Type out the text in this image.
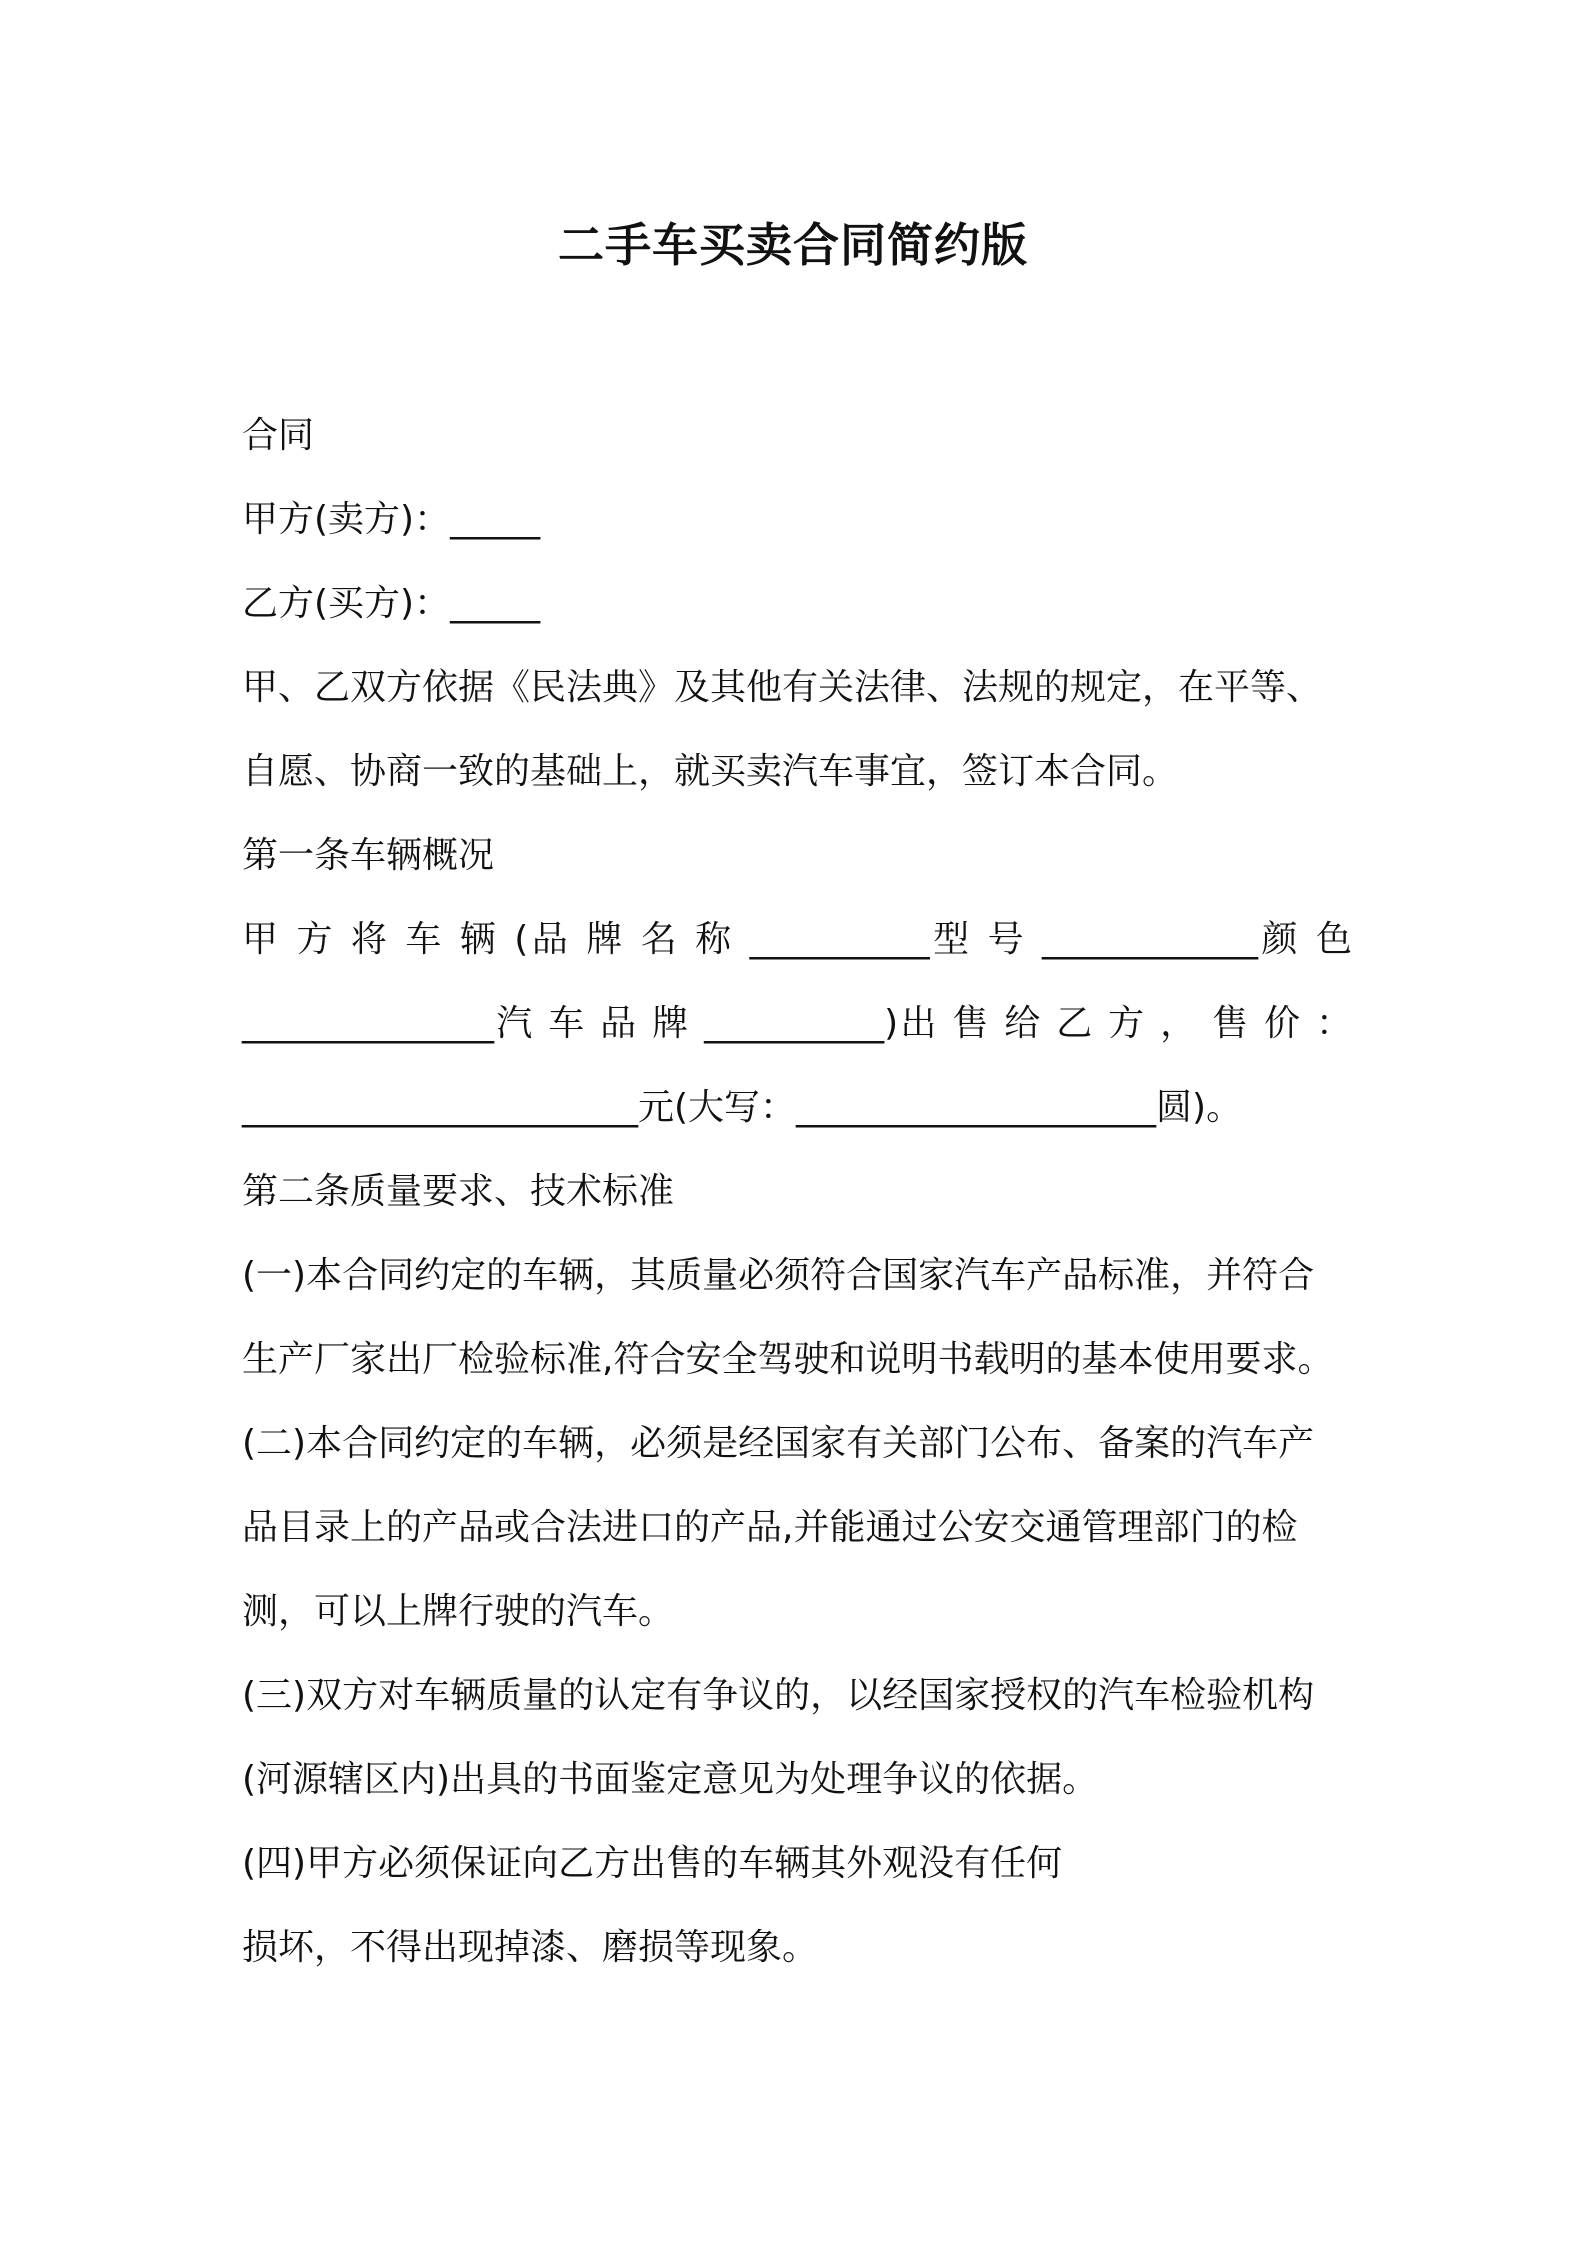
二手车买卖合同简约版
合同
甲方(卖方)：_____
乙方(买方)：_____
甲、乙双方依据《民法典》及其他有关法律、法规的规定，在平等、
自愿、协商一致的基础上，就买卖汽车事宜，签订本合同。
第一条车辆概况
甲 方 将 车 辆 (品 牌 名 称 __________型 号 ____________颜 色
______________汽 车 品 牌 __________)出 售 给 乙 方 ， 售 价 ：
______________________元(大写：____________________圆)。
第二条质量要求、技术标准
(一)本合同约定的车辆，其质量必须符合国家汽车产品标准，并符合
生产厂家出厂检验标准,符合安全驾驶和说明书载明的基本使用要求。
(二)本合同约定的车辆，必须是经国家有关部门公布、备案的汽车产
品目录上的产品或合法进口的产品,并能通过公安交通管理部门的检
测，可以上牌行驶的汽车。
(三)双方对车辆质量的认定有争议的，以经国家授权的汽车检验机构
(河源辖区内)出具的书面鉴定意见为处理争议的依据。
(四)甲方必须保证向乙方出售的车辆其外观没有任何
损坏，不得出现掉漆、磨损等现象。
